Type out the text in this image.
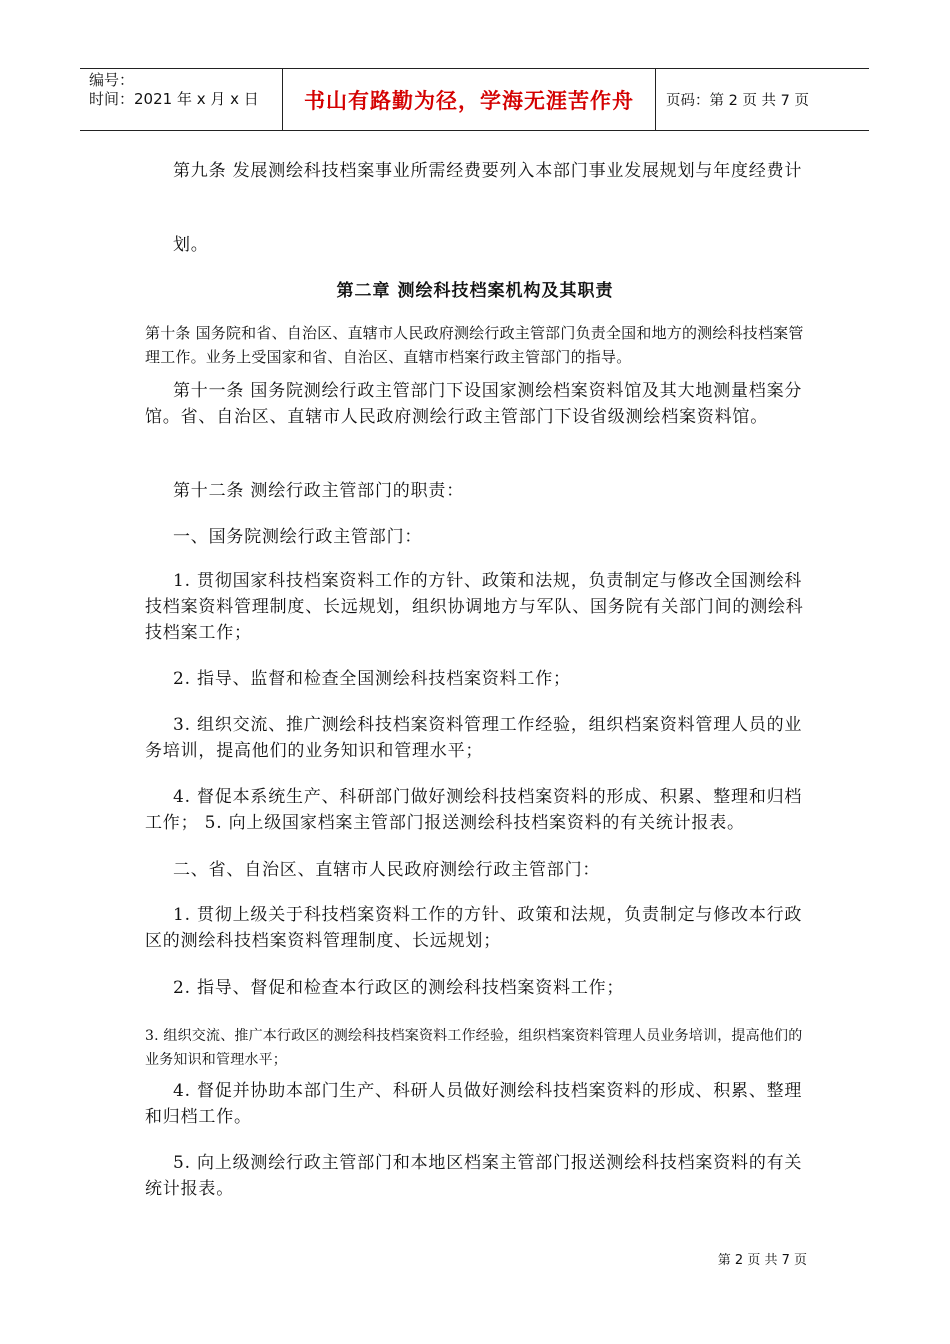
编号：
时间：2021 年 x 月 x 日	书山有路勤为径，学海无涯苦作舟	页码：第 2 页 共 7 页

第九条 发展测绘科技档案事业所需经费要列入本部门事业发展规划与年度经费计

划。

第二章 测绘科技档案机构及其职责

第十条 国务院和省、自治区、直辖市人民政府测绘行政主管部门负责全国和地方的测绘科技档案管理工作。业务上受国家和省、自治区、直辖市档案行政主管部门的指导。

第十一条 国务院测绘行政主管部门下设国家测绘档案资料馆及其大地测量档案分馆。省、自治区、直辖市人民政府测绘行政主管部门下设省级测绘档案资料馆。

第十二条 测绘行政主管部门的职责：

一、国务院测绘行政主管部门：

1. 贯彻国家科技档案资料工作的方针、政策和法规，负责制定与修改全国测绘科技档案资料管理制度、长远规划，组织协调地方与军队、国务院有关部门间的测绘科技档案工作；

2. 指导、监督和检查全国测绘科技档案资料工作；

3. 组织交流、推广测绘科技档案资料管理工作经验，组织档案资料管理人员的业务培训，提高他们的业务知识和管理水平；

4. 督促本系统生产、科研部门做好测绘科技档案资料的形成、积累、整理和归档工作； 5. 向上级国家档案主管部门报送测绘科技档案资料的有关统计报表。

二、省、自治区、直辖市人民政府测绘行政主管部门：

1. 贯彻上级关于科技档案资料工作的方针、政策和法规，负责制定与修改本行政区的测绘科技档案资料管理制度、长远规划；

2. 指导、督促和检查本行政区的测绘科技档案资料工作；

3. 组织交流、推广本行政区的测绘科技档案资料工作经验，组织档案资料管理人员业务培训，提高他们的业务知识和管理水平；

4. 督促并协助本部门生产、科研人员做好测绘科技档案资料的形成、积累、整理和归档工作。

5. 向上级测绘行政主管部门和本地区档案主管部门报送测绘科技档案资料的有关统计报表。

第 2 页 共 7 页
